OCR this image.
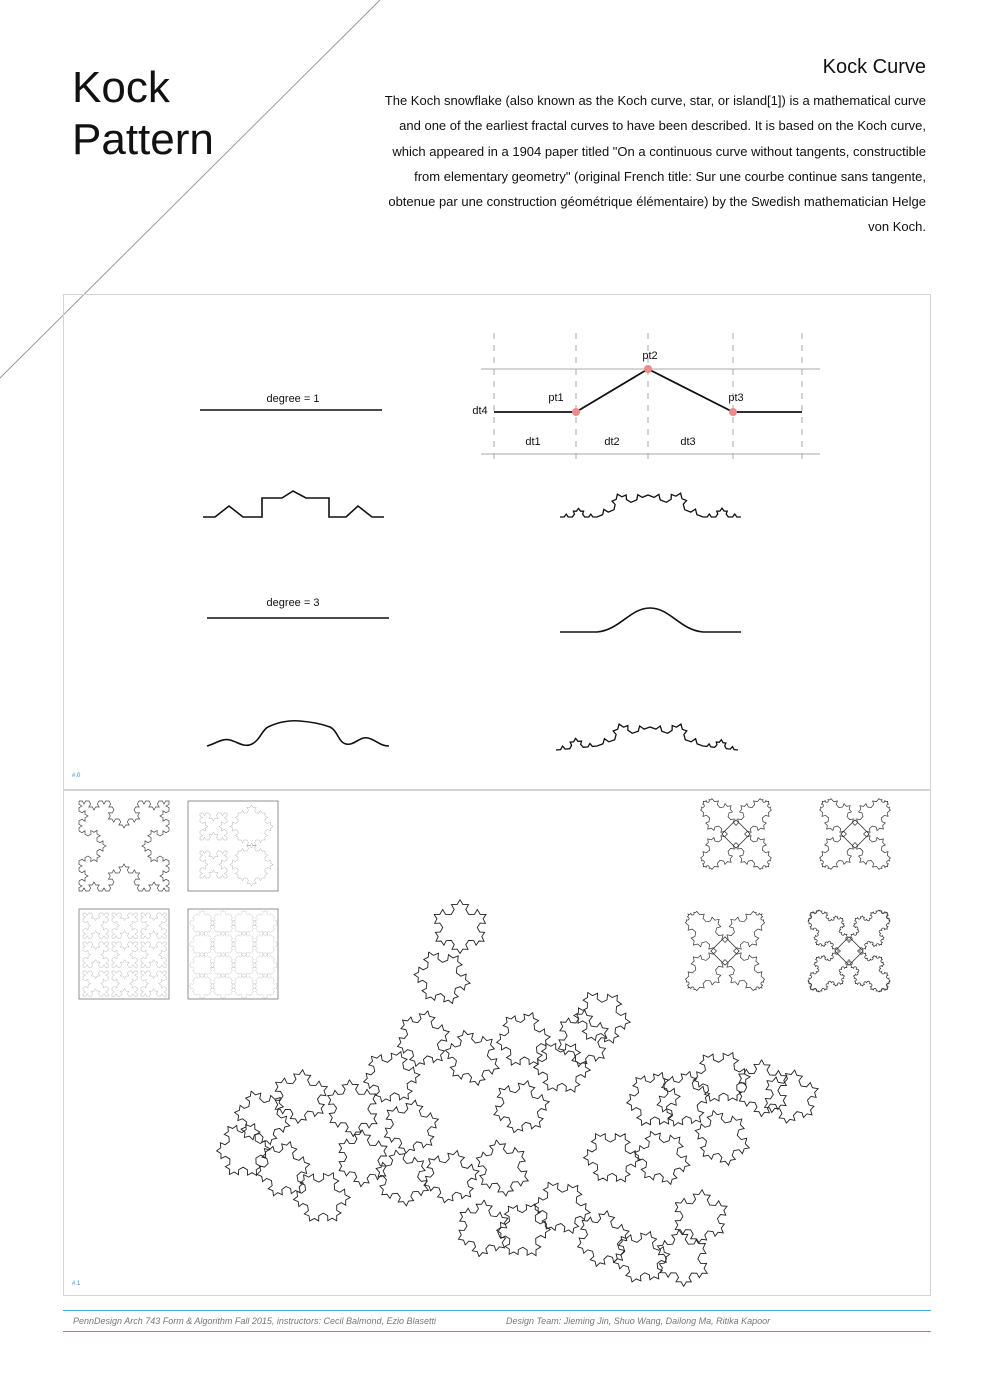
Kock
Pattern
Kock Curve
The Koch snowflake (also known as the Koch curve, star, or island[1]) is a mathematical curve and one of the earliest fractal curves to have been described. It is based on the Koch curve, which appeared in a 1904 paper titled "On a continuous curve without tangents, constructible from elementary geometry" (original French title: Sur une courbe continue sans tangente, obtenue par une construction géométrique élémentaire) by the Swedish mathematician Helge von Koch.
#.0
degree = 1	pt1
pt2
pt3
dt4
dt1	dt2	dt3
degree = 3
#.1
PennDesign Arch 743 Form & Algorithm Fall 2015, instructors: Cecil Balmond, Ezio Blasetti	Design Team: Jieming Jin, Shuo Wang, Dailong Ma, Ritika Kapoor
